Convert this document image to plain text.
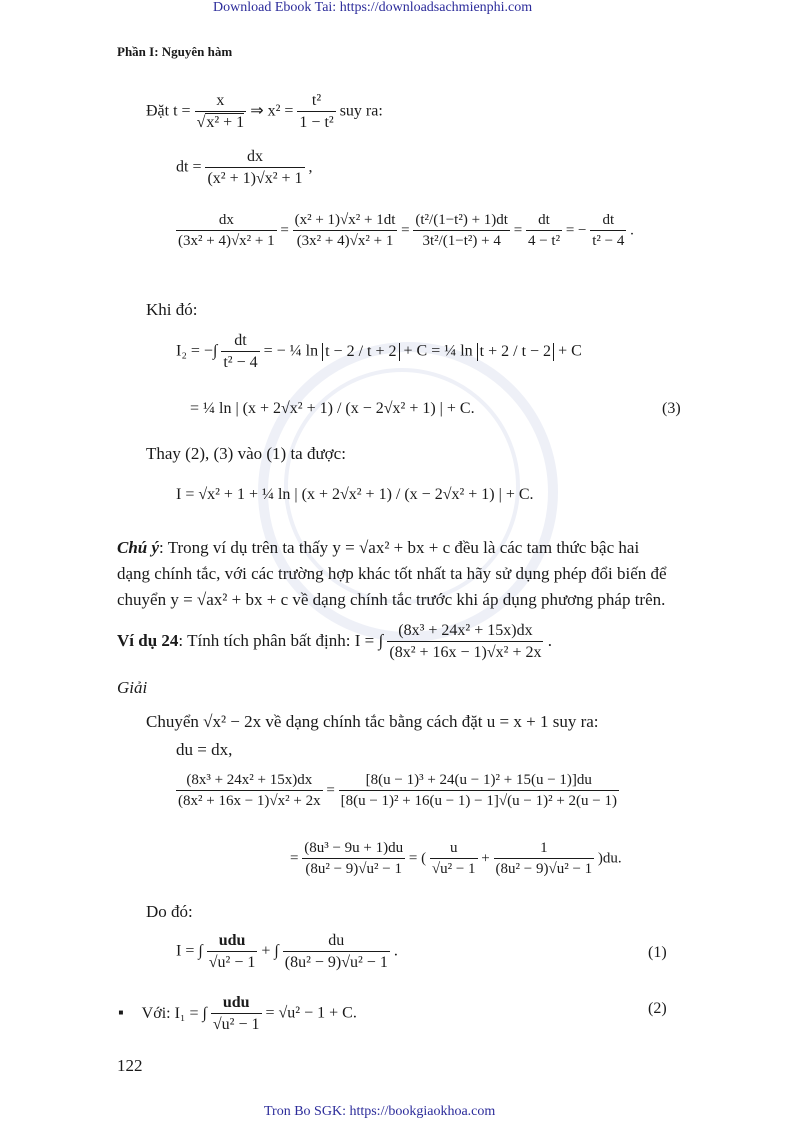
Download Ebook Tai: https://downloadsachmienphi.com
Phần I: Nguyên hàm
Đặt $t = \frac{x}{\text{√x² + 1}}$ ⇒ $x^2 = \frac{\text{t²}}{\text{1 − t²}}$ suy ra:
dt = $\frac{dx}{\text{(x² + 1)√x² + 1}}$ ,
$\frac{dx}{\text{(3x² + 4)√x² + 1}} = \frac{\text{(x² + 1)√x² + 1dt}}{\text{(3x² + 4)√x² + 1}} = \frac{\text{(t²/(1−t²) + 1)dt}}{\text{3t²/(1−t²) + 4}} = \frac{dt}{\text{4 − t²}}$ = − $\frac{dt}{\text{t² − 4}}$ .
Khi đó:
I₂ = −∫ $\frac{dt}{\text{t² − 4}}$ = − ¼ ln t − 2 / t + 2 + C = ¼ ln t + 2 / t − 2 + C
= ¼ ln | (x + 2√x² + 1) / (x − 2√x² + 1) | + C.	(3)
Thay (2), (3) vào (1) ta được:
I = √x² + 1 + ¼ ln | (x + 2√x² + 1) / (x − 2√x² + 1) | + C.
Chú ý: Trong ví dụ trên ta thấy y = √ax² + bx + c đều là các tam thức bậc hai
dạng chính tắc, với các trường hợp khác tốt nhất ta hãy sử dụng phép đổi biến để
chuyển y = √ax² + bx + c về dạng chính tắc trước khi áp dụng phương pháp trên.
Ví dụ 24: Tính tích phân bất định: I = ∫ $\frac{\text{(8x³ + 24x² + 15x)dx}}{\text{(8x² + 16x − 1)√x² + 2x}}$ .
Giải
Chuyển √x² − 2x về dạng chính tắc bằng cách đặt u = x + 1 suy ra:
du = dx,
$\frac{\text{(8x³ + 24x² + 15x)dx}}{\text{(8x² + 16x − 1)√x² + 2x}} = \frac{\text{[8(u − 1)³ + 24(u − 1)² + 15(u − 1)]du}}{\text{[8(u − 1)² + 16(u − 1) − 1]√(u − 1)² + 2(u − 1)}}$
= $\frac{\text{(8u³ − 9u + 1)du}}{\text{(8u² − 9)√u² − 1}}$ = ( $\frac{u}{\text{√u² − 1}} + \frac{1}{\text{(8u² − 9)√u² − 1}} )du$.
Do đó:
I = ∫ $\frac{\text{udu}}{\text{√u² − 1}}$ + ∫ $\frac{du}{\text{(8u² − 9)√u² − 1}}$ .	(1)
▪ Với: I₁ = ∫ $\frac{\text{udu}}{\text{√u² − 1}} = √u^2 - 1 + C$.	(2)
122
Tron Bo SGK: https://bookgiaokhoa.com
